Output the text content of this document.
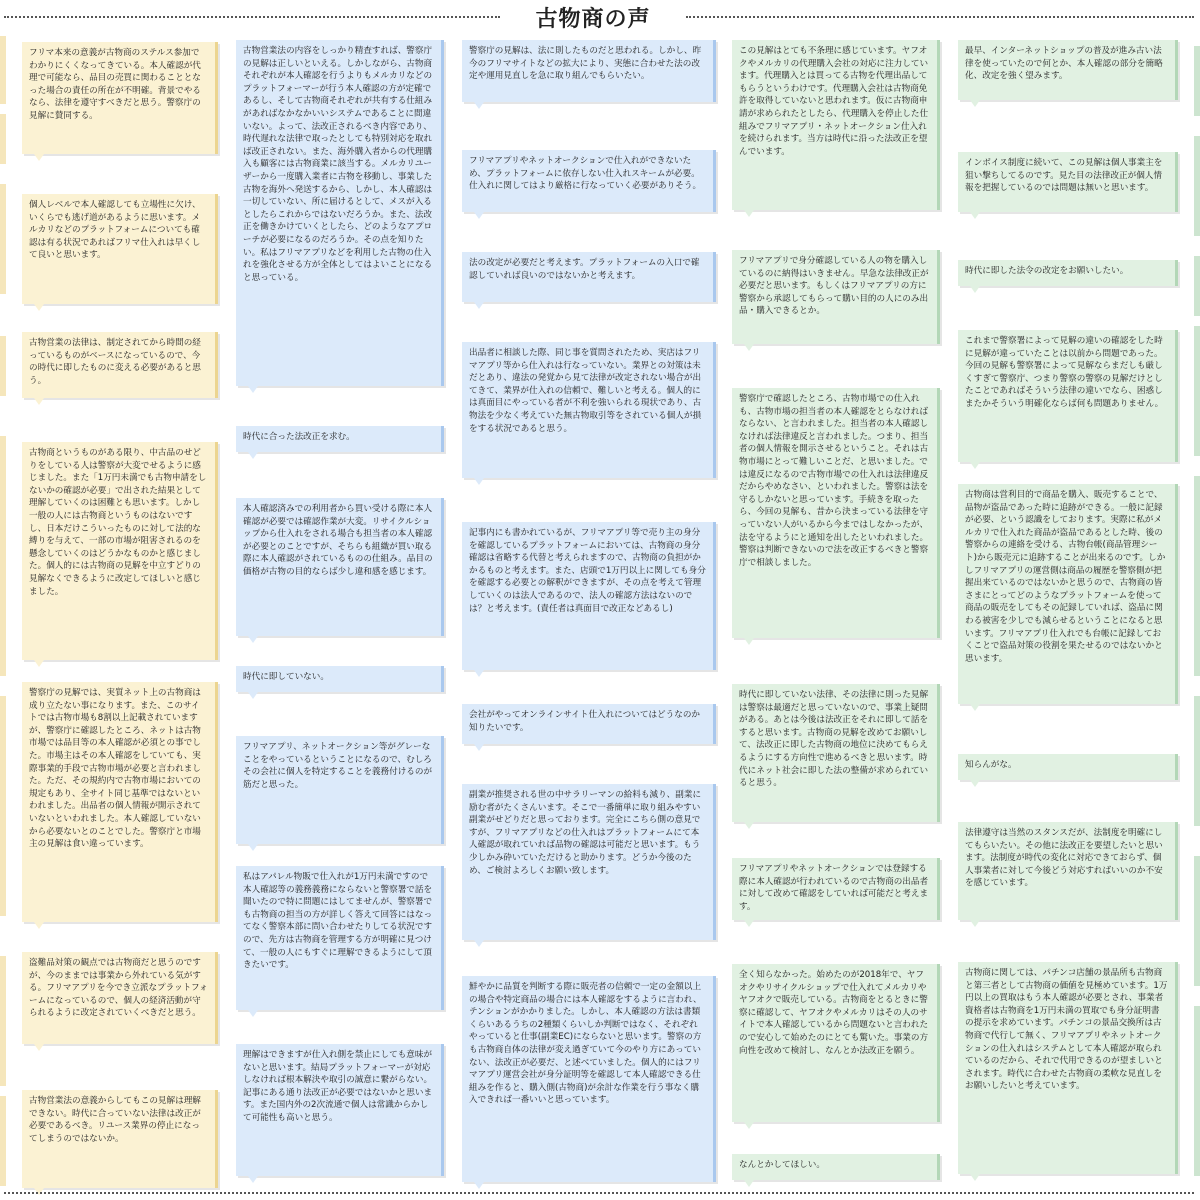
古物商の声
フリマ本来の意義が古物商のステルス参加でわかりにくくなってきている。本人確認が代理で可能なら、品目の売買に関わることとなった場合の責任の所在が不明確。背景でやるなら、法律を遵守すべきだと思う。警察庁の見解に賛同する。
個人レベルで本人確認しても立場性に欠け、いくらでも逃げ道があるように思います。メルカリなどのプラットフォームについても確認は有る状況であればフリマ仕入れは早くして良いと思います。
古物営業の法律は、制定されてから時間の経っているものがベースになっているので、今の時代に即したものに変える必要があると思う。
古物商というものがある限り、中古品のせどりをしている人は警察が大変でせるように感じました。また「1万円未満でも古物申請をしないかの確認が必要」で出された結果として理解していくのは困難とも思います。しかし一般の人には古物商というものはないですし、日本だけこういったものに対して法的な縛りを与えて、一部の市場が阻害されるのを懸念していくのはどうかなものかと感じました。個人的には古物商の見解を中立すどりの見解なくできるように改定してほしいと感じました。
警察庁の見解では、実質ネット上の古物商は成り立たない事になります。また、このサイトでは古物市場も8割以上記載されていますが、警察庁に確認したところ、ネットは古物市場では品目等の本人確認が必須との事でした。市場主はその本人確認をしていても、実際事業的手段で古物市場が必要と言われました。ただ、その規約内で古物市場においての規定もあり、全サイト同じ基準ではないといわれました。出品者の個人情報が開示されていないといわれました。本人確認していないから必要ないとのことでした。警察庁と市場主の見解は食い違っています。
盗難品対策の観点では古物商だと思うのですが、今のままでは事業から外れている気がする。フリマアプリを今でき立派なプラットフォームになっているので、個人の経済活動が守られるように改定されていくべきだと思う。
古物営業法の意義からしてもこの見解は理解できない。時代に合っていない法律は改正が必要であるべき。リユース業界の停止になってしまうのではないか。
古物営業法の内容をしっかり精査すれば、警察庁の見解は正しいといえる。しかしながら、古物商それぞれが本人確認を行うよりもメルカリなどのプラットフォーマーが行う本人確認の方が定確であるし、そして古物商それぞれが共有する仕組みがあればなかなかいいシステムであることに間違いない。よって、法改正されるべき内容であり、時代遅れな法律で取ったとしても特別対応を取れば改正されない。また、海外購入者からの代理購入も顧客には古物商業に該当する。メルカリユーザーから一度購入業者に古物を移動し、事業した古物を海外へ発送するから、しかし、本人確認は一切していない、所に届けるとして、メスが入るとしたらこれからではないだろうか。また、法改正を働きかけていくとしたら、どのようなアプローチが必要になるのだろうか。その点を知りたい。私はフリマアプリなどを利用した古物の仕入れを強化させる方が全体としてはよいことになると思っている。
時代に合った法改正を求む。
本人確認済みでの利用者から買い受ける際に本人確認が必要では確認作業が大変。リサイクルショップから仕入れをされる場合も担当者の本人確認が必要とのことですが、そちらも組織が買い取る際に本人確認がされているものの仕組み。品目の価格が古物の目的ならば少し違和感を感じます。
時代に即していない。
フリマアプリ、ネットオークション等がグレーなことをやっているということになるので、むしろその会社に個人を特定することを義務付けるのが筋だと思った。
私はアパレル物販で仕入れが1万円未満ですので本人確認等の義務義務にならないと警察署で話を聞いたので特に問題にはしてませんが、警察署でも古物商の担当の方が詳しく答えて回答にはなってなく警察本部に問い合わせたりしてる状況ですので、先方は古物商を管理する方が明確に見つけて、一般の人にもすぐに理解できるようにして頂きたいです。
理解はできますが仕入れ側を禁止にしても意味がないと思います。結局プラットフォーマーが対応しなければ根本解決や取引の誠意に繋がらない。記事にある通り法改正が必要ではないかと思います。また国内外の2次流通で個人は常識からかして可能性も高いと思う。
警察庁の見解は、法に則したものだと思われる。しかし、昨今のフリマサイトなどの拡大により、実態に合わせた法の改定や運用見直しを急に取り組んでもらいたい。
フリマアプリやネットオークションで仕入れができないため、プラットフォームに依存しない仕入れスキームが必要。仕入れに関してはより厳格に行なっていく必要がありそう。
法の改定が必要だと考えます。プラットフォームの入口で確認していれば良いのではないかと考えます。
出品者に相談した際、同じ事を質問されたため、実店はフリマアプリ等から仕入れは行なっていない。業界との対策は未だとあり、違法の発覚から見て法律が改定されない場合が出てきて、業界が仕入れの信頼で、難しいと考える。個人的には真面目にやっている者が不利を強いられる現状であり、古物法を少なく考えていた無古物取引等をされている個人が損をする状況であると思う。
記事内にも書かれているが、フリマアプリ等で売り主の身分を確認しているプラットフォームにおいては、古物商の身分確認は省略する代替と考えられますので、古物商の負担がかかるものと考えます。また、店頭で1万円以上に関しても身分を確認する必要との解釈ができますが、その点を考えて管理していくのは法人であるので、法人の確認方法はないのでは？と考えます。(責任者は真面目で改正などあるし)
会社がやってオンラインサイト仕入れについてはどうなのか知りたいです。
副業が推奨される世の中サラリーマンの給料も減り、副業に励む者がたくさんいます。そこで一番簡単に取り組みやすい副業がせどりだと思っております。完全にこちら側の意見ですが、フリマアプリなどの仕入れはプラットフォームにて本人確認が取れていれば品物の確認は可能だと思います。もう少しかみ砕いていただけると助かります。どうか今後のため、ご検討よろしくお願い致します。
鮮やかに品質を判断する際に販売者の信頼で一定の金額以上の場合や特定商品の場合には本人確認をするように言われ、テンションがかかりました。しかし、本人確認の方法は書類くらいあるうちの2種類くらいしか判断ではなく、それぞれやっていると仕事(副業EC)にならないと思います。警察の方も古物商自体の法律が変え過ぎていて今のやり方にあっていない、法改正が必要だ、と述べていました。個人的にはフリマアプリ運営会社が身分証明等を確認して本人確認できる仕組みを作ると、購入側(古物商)が余計な作業を行う事なく購入できれば一番いいと思っています。
この見解はとても不条理に感じています。ヤフオクやメルカリの代理購入会社の対応に注力しています。代理購入とは買ってる古物を代理出品してもらうというわけです。代理購入会社は古物商免許を取得していないと思われます。仮に古物商申請が求められたとしたら、代理購入を停止した仕組みでフリマアプリ・ネットオークション仕入れを続けられます。当方は時代に沿った法改正を望んでいます。
フリマアプリで身分確認している人の物を購入しているのに納得はいきません。早急な法律改正が必要だと思います。もしくはフリマアプリの方に警察から承認してもらって購い目的の人にのみ出品・購入できるとか。
警察庁で確認したところ、古物市場での仕入れも、古物市場の担当者の本人確認をとらなければならない、と言われました。担当者の本人確認しなければ法律違反と言われました。つまり、担当者の個人情報を開示させるということ。それは古物市場にとって難しいことだ、と思いました。では違反になるので古物市場での仕入れは法律違反だからやめなさい、といわれました。警察は法を守るしかないと思っています。手続きを取ったら、今回の見解も、昔から決まっている法律を守っていない人がいるから今まではしなかったが、法を守るようにと通知を出したといわれました。警察は判断できないので法を改正するべきと警察庁で相談しました。
時代に即していない法律、その法律に則った見解は警察は最適だと思っていないので、事業上疑問がある。あとは今後は法改正をそれに即して話をすると思います。古物商の見解を改めてお願いして、法改正に即した古物商の地位に決めてもらえるようにする方向性で進めるべきと思います。時代にネット社会に即した法の整備が求められていると思う。
フリマアプリやネットオークションでは登録する際に本人確認が行われているので古物商の出品者に対して改めて確認をしていれば可能だと考えます。
全く知らなかった。始めたのが2018年で、ヤフオクやリサイクルショップで仕入れてメルカリやヤフオクで販売している。古物商をとるときに警察に確認して、ヤフオクやメルカリはその人のサイトで本人確認しているから問題ないと言われたので安心して始めたのにとても驚いた。事業の方向性を改めて検討し、なんとか法改正を願う。
なんとかしてほしい。
最早、インターネットショップの普及が進み古い法律を使っていたので何とか、本人確認の部分を簡略化、改定を強く望みます。
インボイス制度に続いて、この見解は個人事業主を狙い撃ちしてるのです。見た目の法律改正が個人情報を把握しているのでは問題は無いと思います。
時代に即した法令の改定をお願いしたい。
これまで警察署によって見解の違いの確認をした時に見解が違っていたことは以前から問題であった。今回の見解も警察署によって見解ならまだしも厳しくすぎて警察庁、つまり警察の警察の見解だけとしたことであればそういう法律の違いでなら、困惑しまたかそういう明確化ならば何も問題ありません。
古物商は営利目的で商品を購入、販売することで、品物が盗品であった時に追跡ができる。一般に記録が必要、という認識をしております。実際に私がメルカリで仕入れた商品が盗品であるとした時、後の警察からの連絡を受ける、古物台帳(商品管理シート)から販売元に追跡することが出来るのです。しかしフリマアプリの運営側は商品の履歴を警察側が把握出来ているのではないかと思うので、古物商の皆さまにとってどのようなプラットフォームを使って商品の販売をしてもその記録していれば、盗品に関わる被害を少しでも減らせるということになると思います。フリマアプリ仕入れでも台帳に記録しておくことで盗品対策の役割を果たせるのではないかと思います。
知らんがな。
法律遵守は当然のスタンスだが、法制度を明確にしてもらいたい。その他に法改正を要望したいと思います。法制度が時代の変化に対応できておらず、個人事業者に対して今後どう対応すればいいのか不安を感じています。
古物商に関しては、パチンコ店舗の景品所も古物商と第三者として古物商の価値を見極めています。1万円以上の買取はもう本人確認が必要とされ、事業者資格者は古物商を1万円未満の買取でも身分証明書の提示を求めています。パチンコの景品交換所は古物商で代行して無く、フリマアプリやネットオークションの仕入れはシステムとして本人確認が取られているのだから、それで代用できるのが望ましいとされます。時代に合わせた古物商の柔軟な見直しをお願いしたいと考えています。
